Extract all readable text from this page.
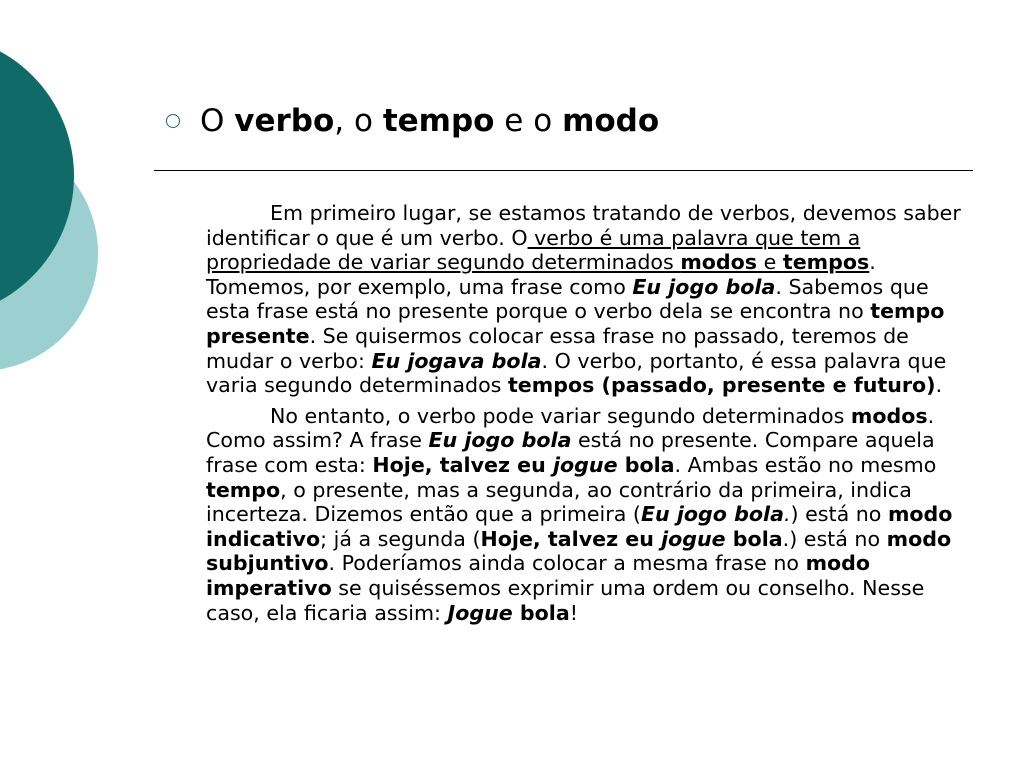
O verbo, o tempo e o modo

Em primeiro lugar, se estamos tratando de verbos, devemos saber identificar o que é um verbo. O verbo é uma palavra que tem a propriedade de variar segundo determinados modos e tempos. Tomemos, por exemplo, uma frase como Eu jogo bola. Sabemos que esta frase está no presente porque o verbo dela se encontra no tempo presente. Se quisermos colocar essa frase no passado, teremos de mudar o verbo: Eu jogava bola. O verbo, portanto, é essa palavra que varia segundo determinados tempos (passado, presente e futuro).

No entanto, o verbo pode variar segundo determinados modos. Como assim? A frase Eu jogo bola está no presente. Compare aquela frase com esta: Hoje, talvez eu jogue bola. Ambas estão no mesmo tempo, o presente, mas a segunda, ao contrário da primeira, indica incerteza. Dizemos então que a primeira (Eu jogo bola.) está no modo indicativo; já a segunda (Hoje, talvez eu jogue bola.) está no modo subjuntivo. Poderíamos ainda colocar a mesma frase no modo imperativo se quiséssemos exprimir uma ordem ou conselho. Nesse caso, ela ficaria assim: Jogue bola!
